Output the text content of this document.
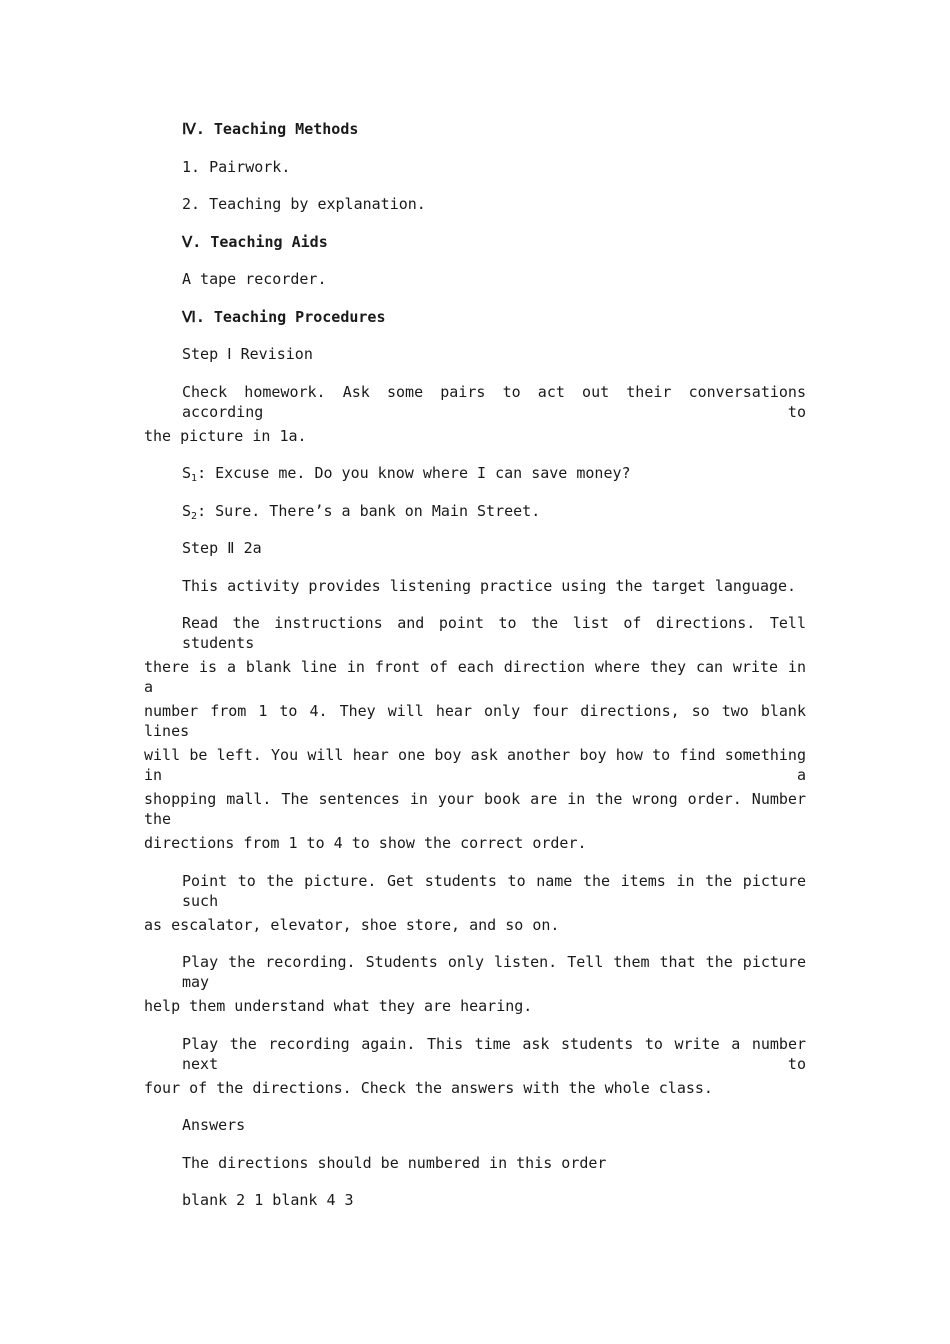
Ⅳ. Teaching Methods
1. Pairwork.
2. Teaching by explanation.
Ⅴ. Teaching Aids
A tape recorder.
Ⅵ. Teaching Procedures
Step Ⅰ Revision
Check homework. Ask some pairs to act out their conversations according to
the picture in 1a.
$S_1$: Excuse me. Do you know where I can save money?
$S_2$: Sure. There’s a bank on Main Street.
Step Ⅱ 2a
This activity provides listening practice using the target language.
Read the instructions and point to the list of directions. Tell students
there is a blank line in front of each direction where they can write in a
number from 1 to 4. They will hear only four directions, so two blank lines
will be left. You will hear one boy ask another boy how to find something in a
shopping mall. The sentences in your book are in the wrong order. Number the
directions from 1 to 4 to show the correct order.
Point to the picture. Get students to name the items in the picture such
as escalator, elevator, shoe store, and so on.
Play the recording. Students only listen. Tell them that the picture may
help them understand what they are hearing.
Play the recording again. This time ask students to write a number next to
four of the directions. Check the answers with the whole class.
Answers
The directions should be numbered in this order
blank 2 1 blank 4 3
